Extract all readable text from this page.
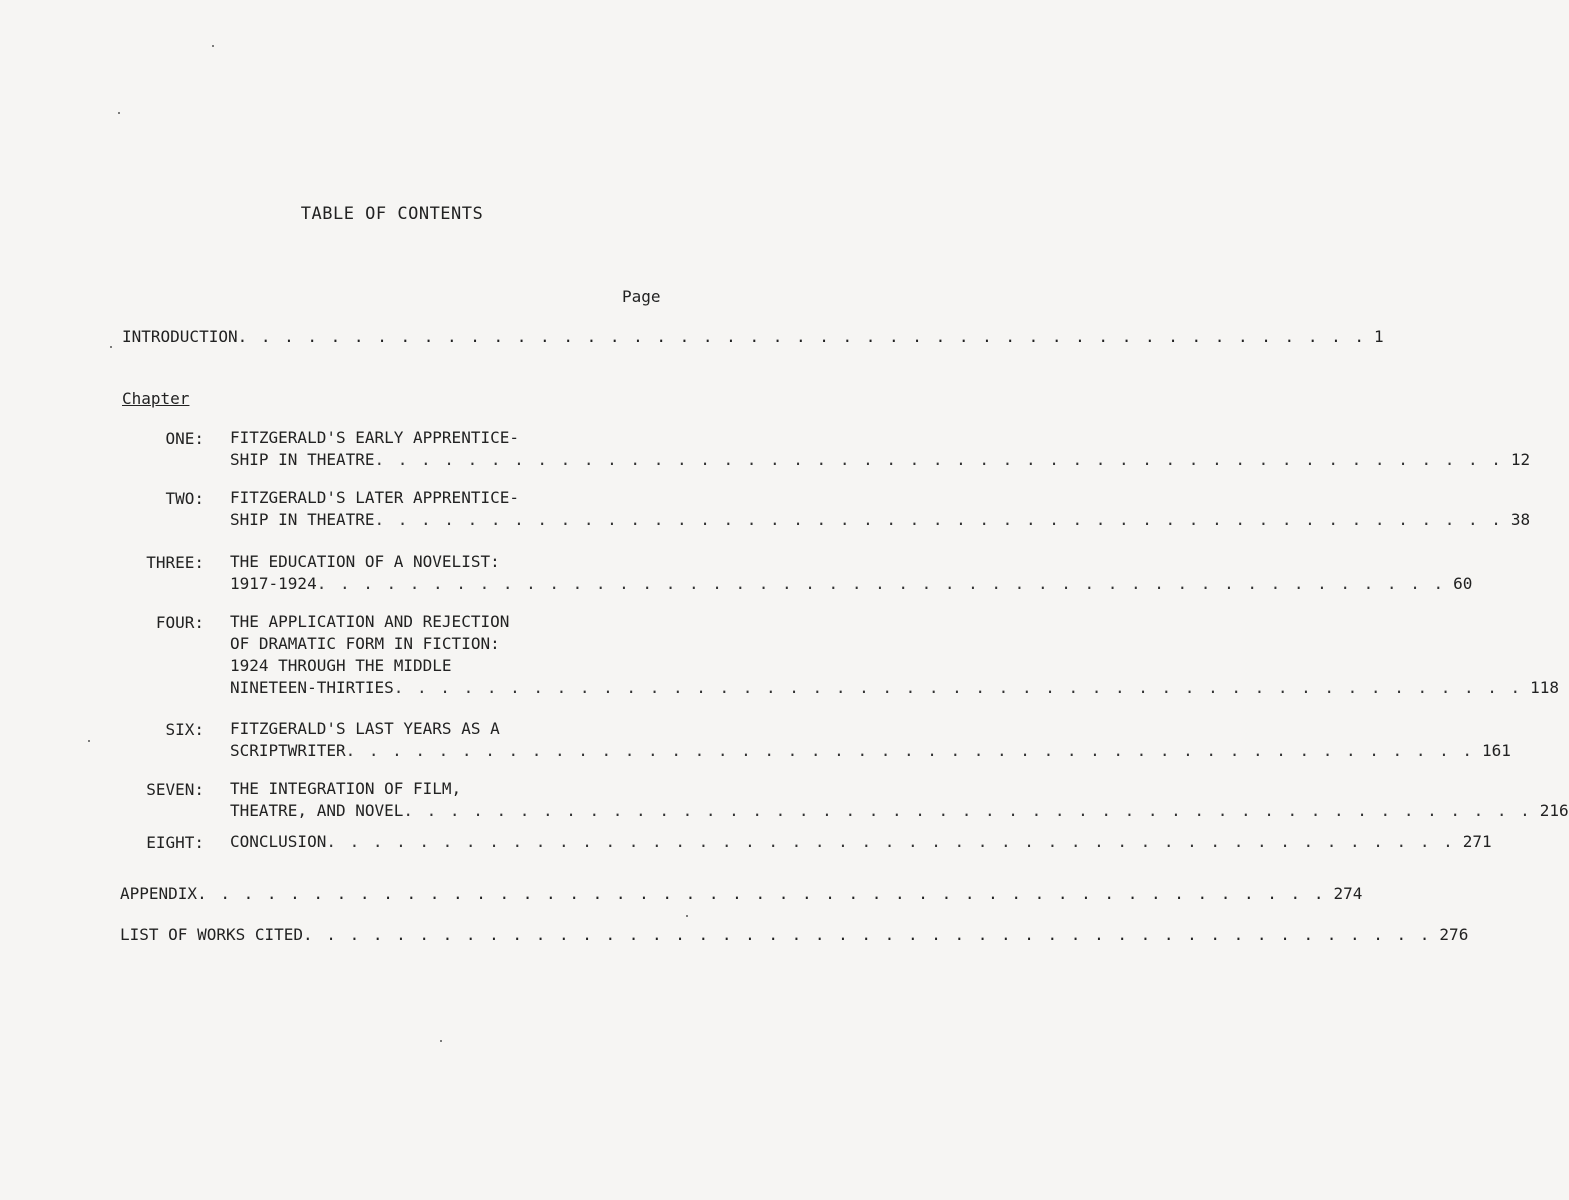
TABLE OF CONTENTS
Page
INTRODUCTION . . . . . . . . . . . . . . . . . . . . . . . . . . . . . . . . . . . . . . . . . . . . . . . . . 1
Chapter
ONE: FITZGERALD'S EARLY APPRENTICE-
SHIP IN THEATRE . . . . . . . . . . . . . . . . . . . . . . . . . . . . . . . . . . . . . . . . . . . . . . . . . 12
TWO: FITZGERALD'S LATER APPRENTICE-
SHIP IN THEATRE . . . . . . . . . . . . . . . . . . . . . . . . . . . . . . . . . . . . . . . . . . . . . . . . . 38
THREE: THE EDUCATION OF A NOVELIST:
1917-1924 . . . . . . . . . . . . . . . . . . . . . . . . . . . . . . . . . . . . . . . . . . . . . . . . . 60
FOUR: THE APPLICATION AND REJECTION
OF DRAMATIC FORM IN FICTION:
1924 THROUGH THE MIDDLE
NINETEEN-THIRTIES . . . . . . . . . . . . . . . . . . . . . . . . . . . . . . . . . . . . . . . . . . . . . . . . . 118
SIX: FITZGERALD'S LAST YEARS AS A
SCRIPTWRITER . . . . . . . . . . . . . . . . . . . . . . . . . . . . . . . . . . . . . . . . . . . . . . . . . 161
SEVEN: THE INTEGRATION OF FILM,
THEATRE, AND NOVEL . . . . . . . . . . . . . . . . . . . . . . . . . . . . . . . . . . . . . . . . . . . . . . . . . 216
EIGHT: CONCLUSION . . . . . . . . . . . . . . . . . . . . . . . . . . . . . . . . . . . . . . . . . . . . . . . . . 271
APPENDIX . . . . . . . . . . . . . . . . . . . . . . . . . . . . . . . . . . . . . . . . . . . . . . . . . 274
LIST OF WORKS CITED . . . . . . . . . . . . . . . . . . . . . . . . . . . . . . . . . . . . . . . . . . . . . . . . . 276
